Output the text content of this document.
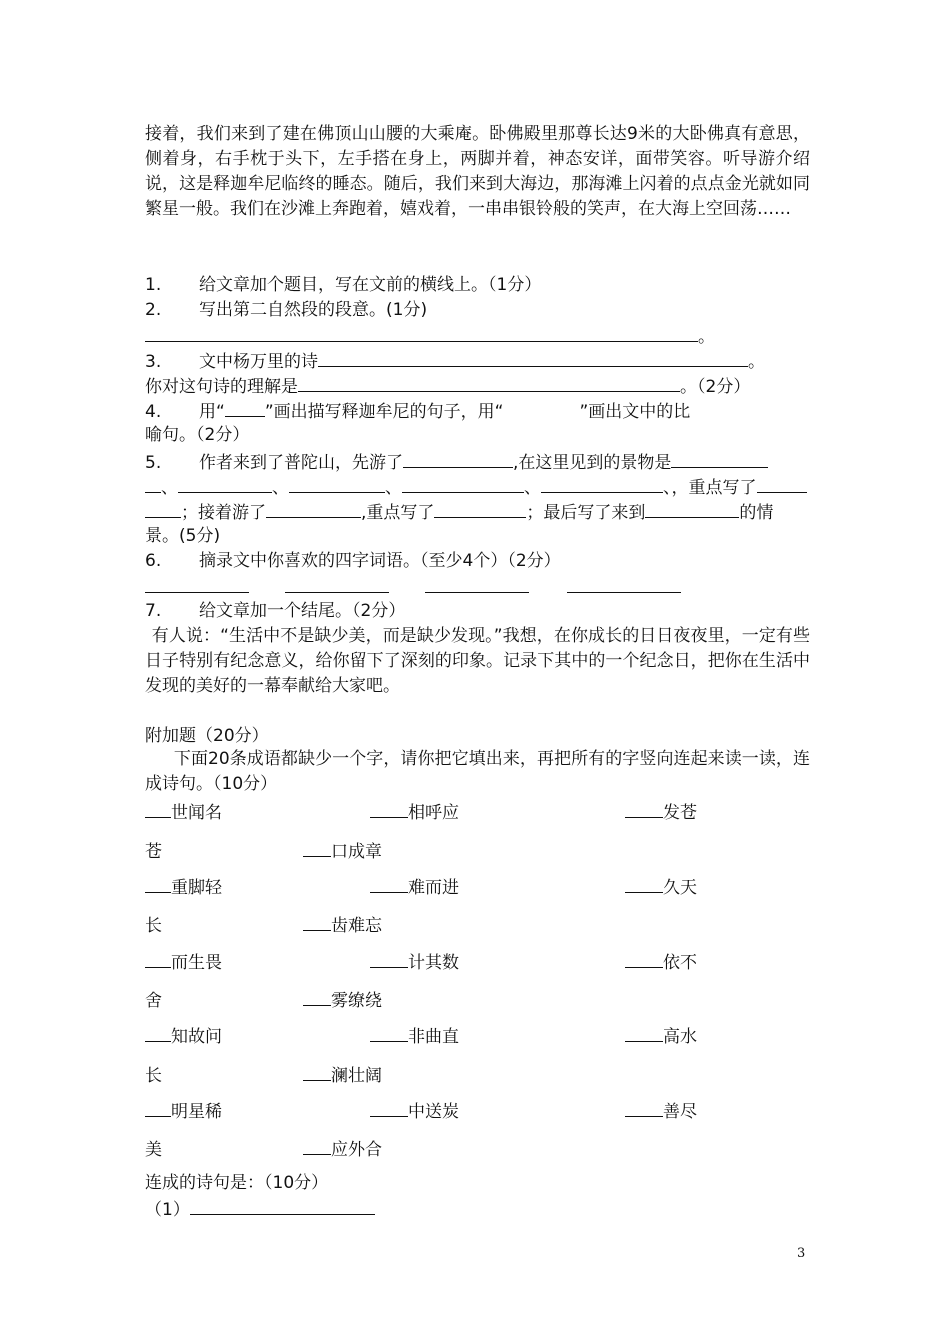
接着，我们来到了建在佛顶山山腰的大乘庵。卧佛殿里那尊长达9米的大卧佛真有意思，侧着身，右手枕于头下，左手搭在身上，两脚并着，神态安详，面带笑容。听导游介绍说，这是释迦牟尼临终的睡态。随后，我们来到大海边，那海滩上闪着的点点金光就如同繁星一般。我们在沙滩上奔跑着，嬉戏着，一串串银铃般的笑声，在大海上空回荡……
1. 给文章加个题目，写在文前的横线上。（1分）
2. 写出第二自然段的段意。(1分)
。
3. 文中杨万里的诗	。
你对这句诗的理解是	。（2分）
4. 用“ ”画出描写释迦牟尼的句子，用“	”画出文中的比
喻句。（2分）
5. 作者来到了普陀山，先游了	,在这里见到的景物是
、	、	、	、	、，重点写了
；接着游了	,重点写了	；最后写了来到	的情
景。(5分)
6. 摘录文中你喜欢的四字词语。（至少4个）（2分）
7. 给文章加一个结尾。（2分）
有人说：“生活中不是缺少美，而是缺少发现。”我想，在你成长的日日夜夜里，一定有些日子特别有纪念意义，给你留下了深刻的印象。记录下其中的一个纪念日，把你在生活中发现的美好的一幕奉献给大家吧。
附加题（20分）
下面20条成语都缺少一个字，请你把它填出来，再把所有的字竖向连起来读一读，连成诗句。（10分）
世闻名	相呼应	发苍
苍	口成章
重脚轻	难而进	久天
长	齿难忘
而生畏	计其数	依不
舍	雾缭绕
知故问	非曲直	高水
长	澜壮阔
明星稀	中送炭	善尽
美	应外合
连成的诗句是：（10分）
（1）
3
